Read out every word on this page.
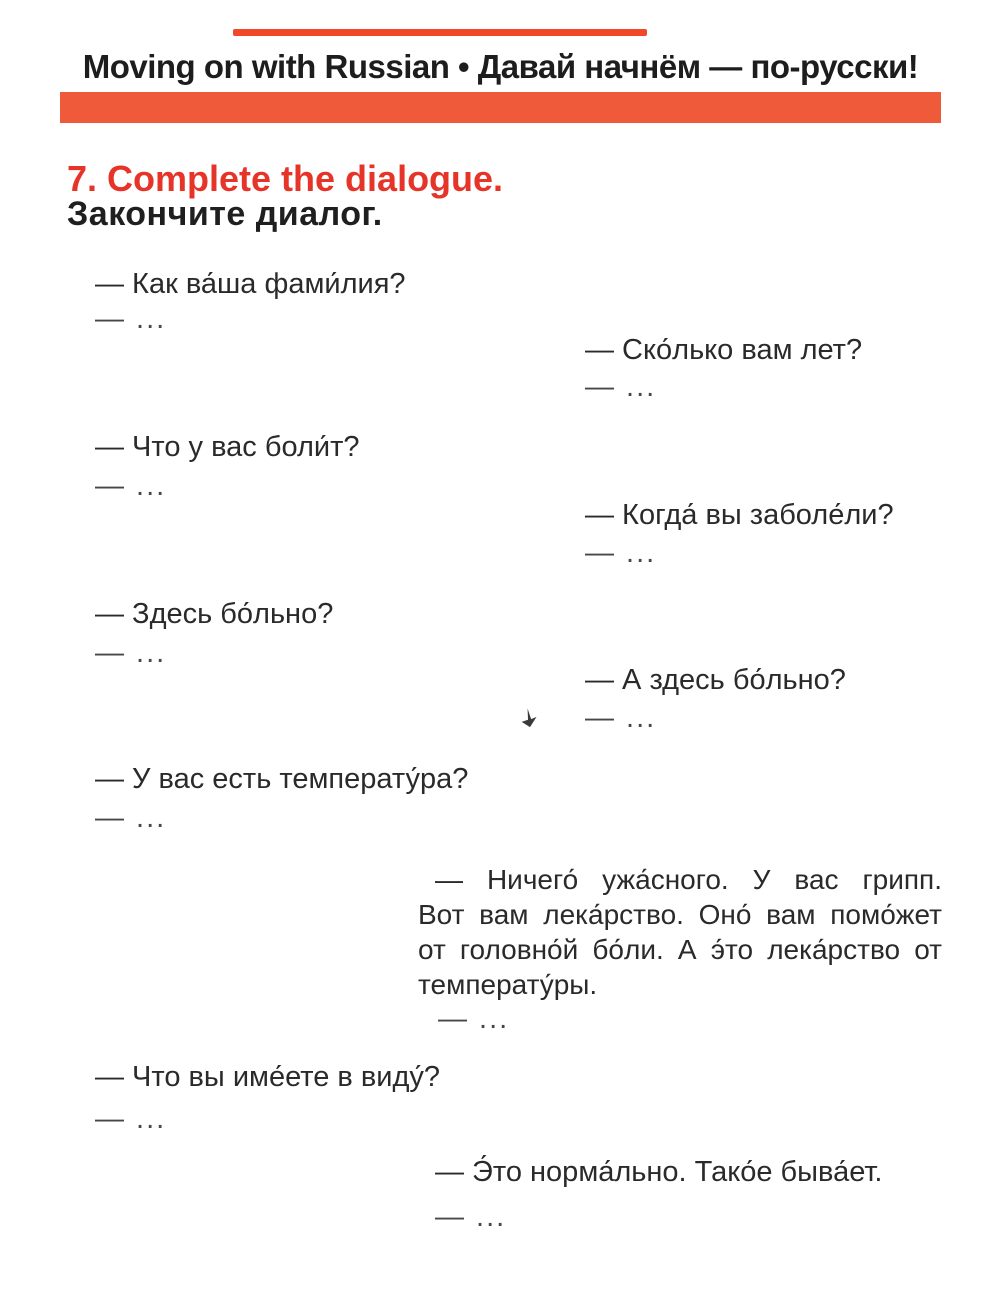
Moving on with Russian • Давай начнём — по-русски!
7. Complete the dialogue.
Закончите диалог.
— Как ва́ша фами́лия?
— ...
— Ско́лько вам лет?
— ...
— Что у вас боли́т?
— ...
— Когда́ вы заболе́ли?
— ...
— Здесь бо́льно?
— ...
— А здесь бо́льно?
— ...
— У вас есть температу́ра?
— ...
— Ничего́ ужа́сного. У вас грипп.
Вот вам лека́рство. Оно́ вам помо́жет
от головно́й бо́ли. А э́то лека́рство от
температу́ры.
— ...
— Что вы име́ете в виду́?
— ...
— Э́то норма́льно. Тако́е быва́ет.
— ...
